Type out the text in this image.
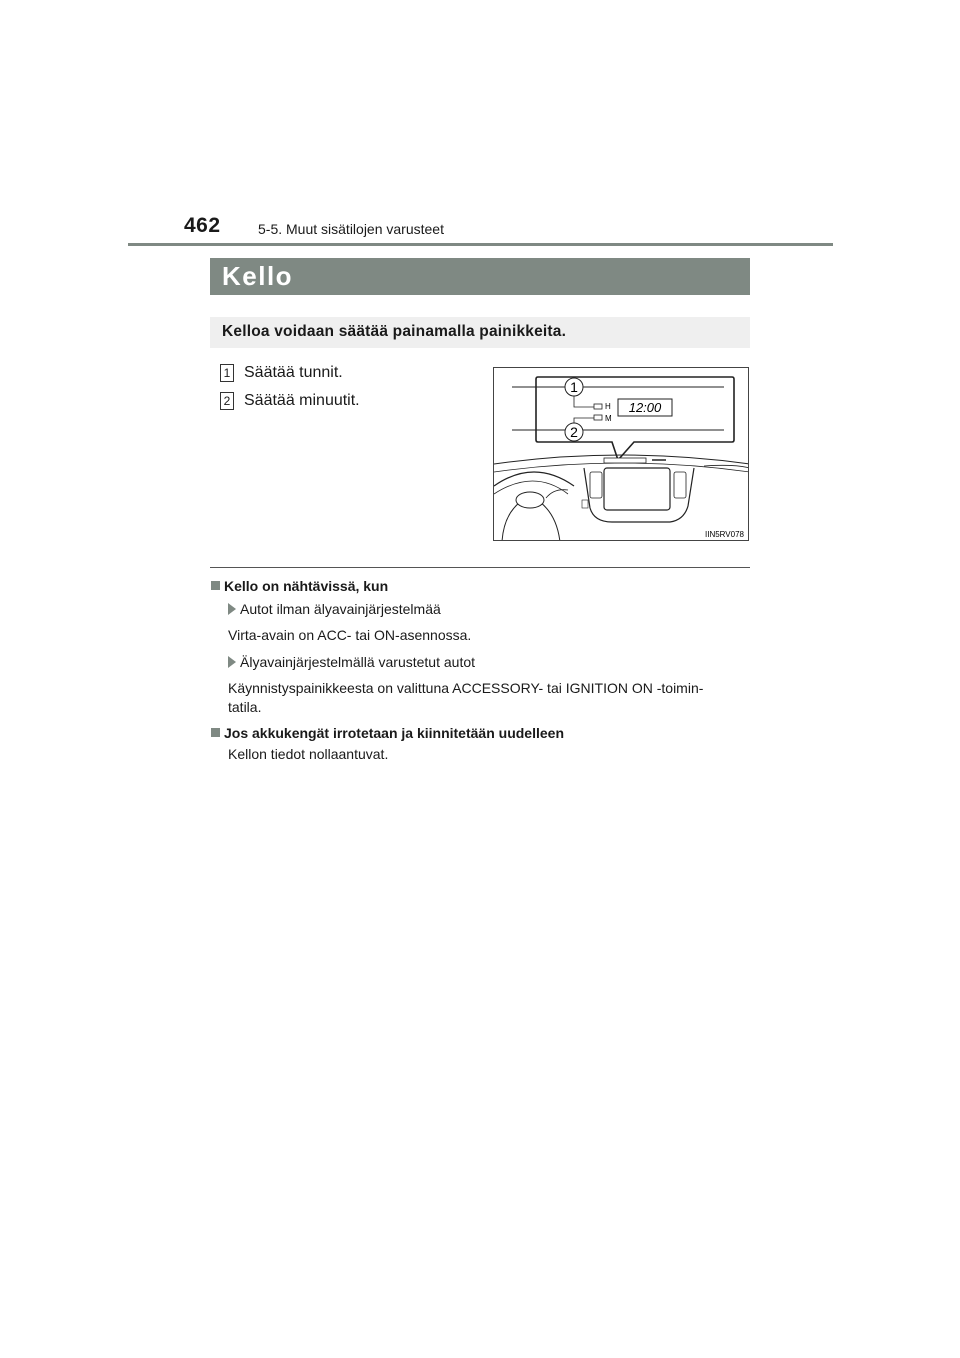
462	5-5. Muut sisätilojen varusteet
Kello
Kelloa voidaan säätää painamalla painikkeita.
1 Säätää tunnit.
2 Säätää minuutit.
1
2
H
M
12:00
IIN5RV078
Kello on nähtävissä, kun
Autot ilman älyavainjärjestelmää
Virta-avain on ACC- tai ON-asennossa.
Älyavainjärjestelmällä varustetut autot
Käynnistyspainikkeesta on valittuna ACCESSORY- tai IGNITION ON -toimin-
tatila.
Jos akkukengät irrotetaan ja kiinnitetään uudelleen
Kellon tiedot nollaantuvat.
